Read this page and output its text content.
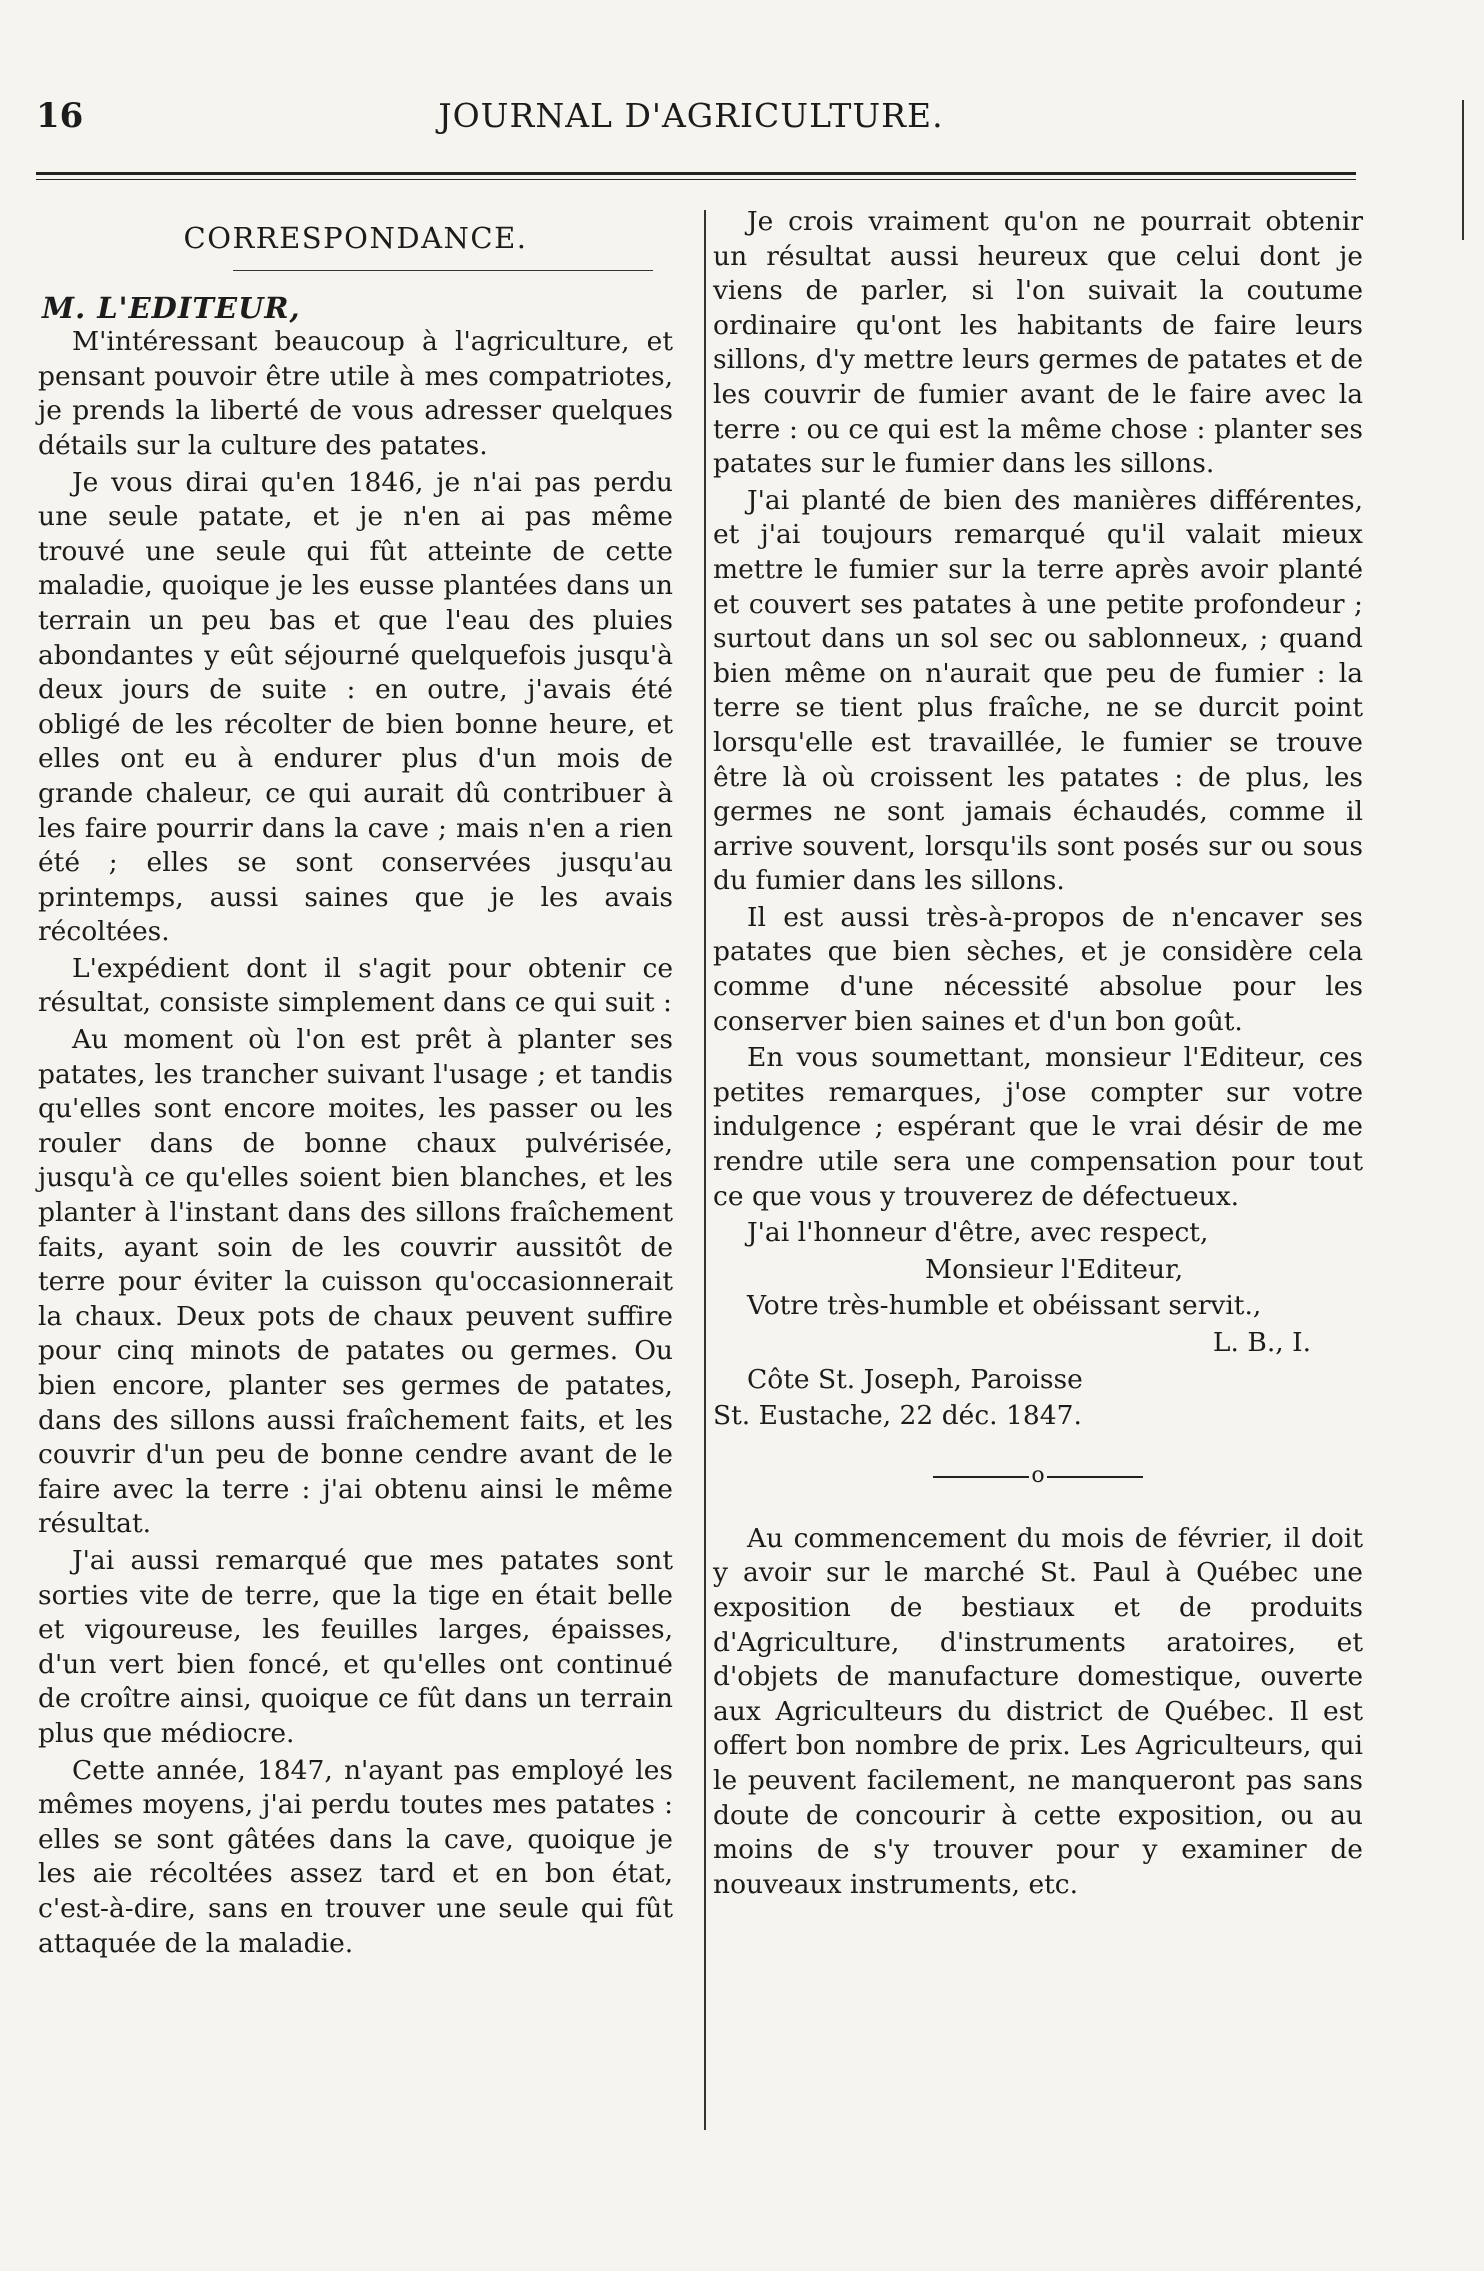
16	JOURNAL D'AGRICULTURE.
CORRESPONDANCE.
M. L'EDITEUR,

M'intéressant beaucoup à l'agriculture, et pensant pouvoir être utile à mes compatriotes, je prends la liberté de vous adresser quelques détails sur la culture des patates.

Je vous dirai qu'en 1846, je n'ai pas perdu une seule patate, et je n'en ai pas même trouvé une seule qui fût atteinte de cette maladie, quoique je les eusse plantées dans un terrain un peu bas et que l'eau des pluies abondantes y eût séjourné quelquefois jusqu'à deux jours de suite : en outre, j'avais été obligé de les récolter de bien bonne heure, et elles ont eu à endurer plus d'un mois de grande chaleur, ce qui aurait dû contribuer à les faire pourrir dans la cave ; mais n'en a rien été ; elles se sont conservées jusqu'au printemps, aussi saines que je les avais récoltées.

L'expédient dont il s'agit pour obtenir ce résultat, consiste simplement dans ce qui suit :

Au moment où l'on est prêt à planter ses patates, les trancher suivant l'usage ; et tandis qu'elles sont encore moites, les passer ou les rouler dans de bonne chaux pulvérisée, jusqu'à ce qu'elles soient bien blanches, et les planter à l'instant dans des sillons fraîchement faits, ayant soin de les couvrir aussitôt de terre pour éviter la cuisson qu'occasionnerait la chaux. Deux pots de chaux peuvent suffire pour cinq minots de patates ou germes. Ou bien encore, planter ses germes de patates, dans des sillons aussi fraîchement faits, et les couvrir d'un peu de bonne cendre avant de le faire avec la terre : j'ai obtenu ainsi le même résultat.

J'ai aussi remarqué que mes patates sont sorties vite de terre, que la tige en était belle et vigoureuse, les feuilles larges, épaisses, d'un vert bien foncé, et qu'elles ont continué de croître ainsi, quoique ce fût dans un terrain plus que médiocre.

Cette année, 1847, n'ayant pas employé les mêmes moyens, j'ai perdu toutes mes patates : elles se sont gâtées dans la cave, quoique je les aie récoltées assez tard et en bon état, c'est-à-dire, sans en trouver une seule qui fût attaquée de la maladie.

Je crois vraiment qu'on ne pourrait obtenir un résultat aussi heureux que celui dont je viens de parler, si l'on suivait la coutume ordinaire qu'ont les habitants de faire leurs sillons, d'y mettre leurs germes de patates et de les couvrir de fumier avant de le faire avec la terre : ou ce qui est la même chose : planter ses patates sur le fumier dans les sillons.

J'ai planté de bien des manières différentes, et j'ai toujours remarqué qu'il valait mieux mettre le fumier sur la terre après avoir planté et couvert ses patates à une petite profondeur ; surtout dans un sol sec ou sablonneux, ; quand bien même on n'aurait que peu de fumier : la terre se tient plus fraîche, ne se durcit point lorsqu'elle est travaillée, le fumier se trouve être là où croissent les patates : de plus, les germes ne sont jamais échaudés, comme il arrive souvent, lorsqu'ils sont posés sur ou sous du fumier dans les sillons.

Il est aussi très-à-propos de n'encaver ses patates que bien sèches, et je considère cela comme d'une nécessité absolue pour les conserver bien saines et d'un bon goût.

En vous soumettant, monsieur l'Editeur, ces petites remarques, j'ose compter sur votre indulgence ; espérant que le vrai désir de me rendre utile sera une compensation pour tout ce que vous y trouverez de défectueux.

J'ai l'honneur d'être, avec respect,

Monsieur l'Editeur,

Votre très-humble et obéissant servit.,

L. B., I.

Côte St. Joseph, Paroisse

St. Eustache, 22 déc. 1847.

o

Au commencement du mois de février, il doit y avoir sur le marché St. Paul à Québec une exposition de bestiaux et de produits d'Agriculture, d'instruments aratoires, et d'objets de manufacture domestique, ouverte aux Agriculteurs du district de Québec. Il est offert bon nombre de prix. Les Agriculteurs, qui le peuvent facilement, ne manqueront pas sans doute de concourir à cette exposition, ou au moins de s'y trouver pour y examiner de nouveaux instruments, etc.
